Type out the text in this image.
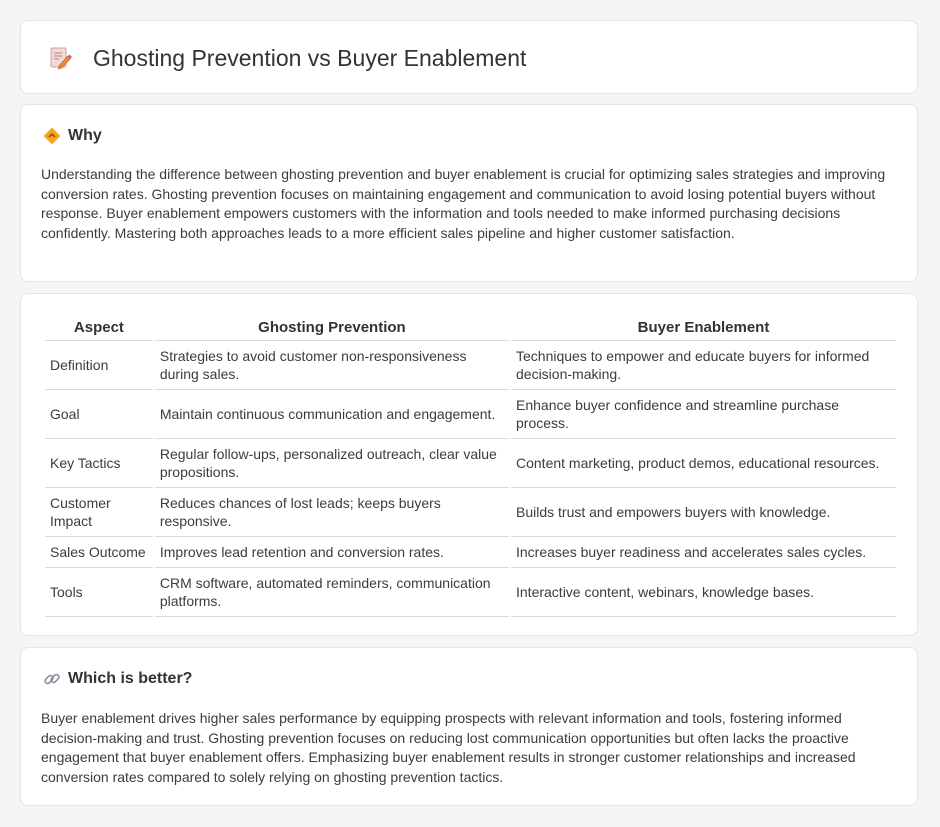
Ghosting Prevention vs Buyer Enablement
Why

Understanding the difference between ghosting prevention and buyer enablement is crucial for optimizing sales strategies and improving conversion rates. Ghosting prevention focuses on maintaining engagement and communication to avoid losing potential buyers without response. Buyer enablement empowers customers with the information and tools needed to make informed purchasing decisions confidently. Mastering both approaches leads to a more efficient sales pipeline and higher customer satisfaction.

Aspect	Ghosting Prevention	Buyer Enablement
Definition	Strategies to avoid customer non-responsiveness during sales.	Techniques to empower and educate buyers for informed decision-making.
Goal	Maintain continuous communication and engagement.	Enhance buyer confidence and streamline purchase process.
Key Tactics	Regular follow-ups, personalized outreach, clear value propositions.	Content marketing, product demos, educational resources.
Customer Impact	Reduces chances of lost leads; keeps buyers responsive.	Builds trust and empowers buyers with knowledge.
Sales Outcome	Improves lead retention and conversion rates.	Increases buyer readiness and accelerates sales cycles.
Tools	CRM software, automated reminders, communication platforms.	Interactive content, webinars, knowledge bases.
Which is better?

Buyer enablement drives higher sales performance by equipping prospects with relevant information and tools, fostering informed decision-making and trust. Ghosting prevention focuses on reducing lost communication opportunities but often lacks the proactive engagement that buyer enablement offers. Emphasizing buyer enablement results in stronger customer relationships and increased conversion rates compared to solely relying on ghosting prevention tactics.
